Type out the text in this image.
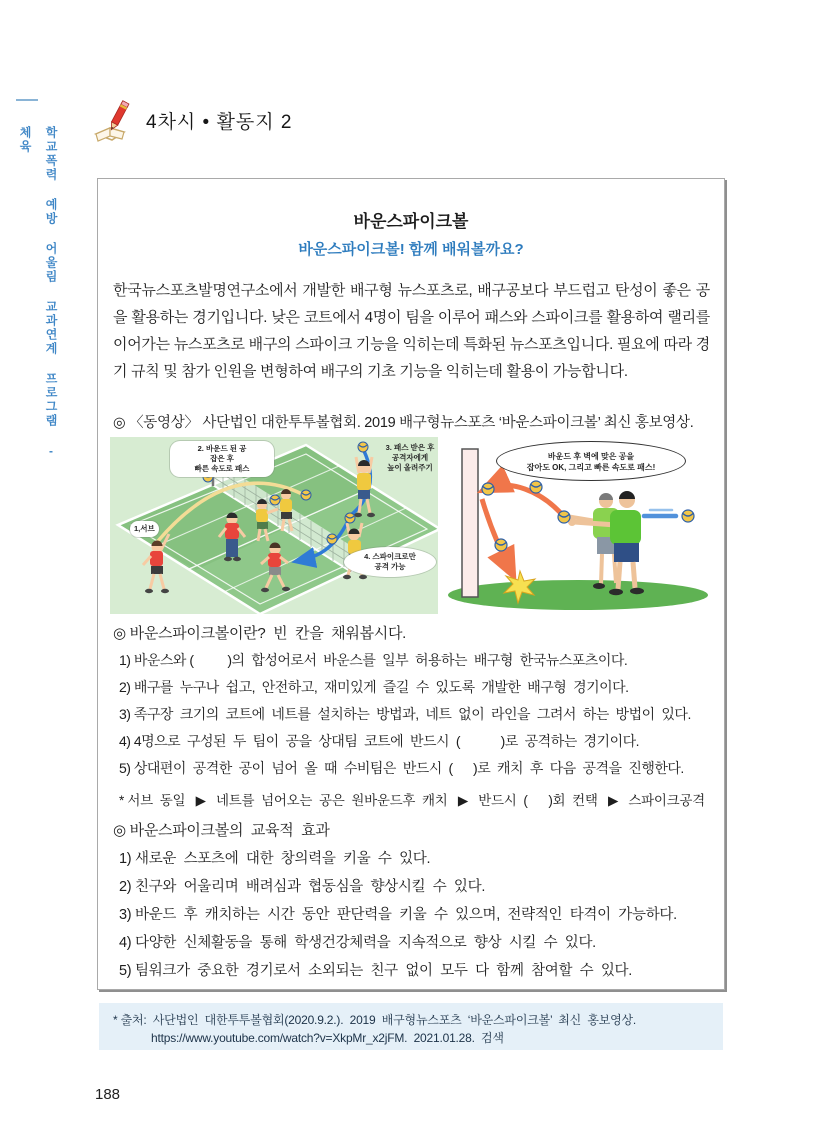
학교폭력 예방 어울림 교과연계 프로그램 - 체육
4차시 • 활동지 2
바운스파이크볼
바운스파이크볼! 함께 배워볼까요?

한국뉴스포츠발명연구소에서 개발한 배구형 뉴스포츠로, 배구공보다 부드럽고 탄성이 좋은 공을 활용하는 경기입니다. 낮은 코트에서 4명이 팀을 이루어 패스와 스파이크를 활용하여 랠리를 이어가는 뉴스포츠로 배구의 스파이크 기능을 익히는데 특화된 뉴스포츠입니다. 필요에 따라 경기 규칙 및 참가 인원을 변형하여 배구의 기초 기능을 익히는데 활용이 가능합니다.

◎ 〈동영상〉 사단법인 대한투투볼협회. 2019 배구형뉴스포츠 ‘바운스파이크볼’ 최신 홍보영상.
1,서브
2. 바운드 된 공
잡은 후
빠른 속도로 패스
3. 패스 받은 후
공격자에게
높이 올려주기
4. 스파이크로만
공격 가능
바운드 후 벽에 맞은 공을
잡아도 OK, 그리고 빠른 속도로 패스!
◎ 바운스파이크볼이란?  빈  칸을  채워봅시다.
1) 바운스와 (          )의  합성어로서  바운스를  일부  허용하는  배구형  한국뉴스포츠이다.
2) 배구를  누구나  쉽고,  안전하고,  재미있게  즐길  수  있도록  개발한  배구형  경기이다.
3) 족구장  크기의  코트에  네트를  설치하는  방법과,  네트  없이  라인을  그려서  하는  방법이  있다.
4) 4명으로  구성된  두  팀이  공을  상대팀  코트에  반드시  (            )로  공격하는  경기이다.
5) 상대편이  공격한  공이  넘어  올  때  수비팀은  반드시  (      )로  캐치  후  다음  공격을  진행한다.
* 서브  동일   ▶   네트를  넘어오는  공은  원바운드후  캐치   ▶   반드시  (      )회  컨택   ▶   스파이크공격
◎ 바운스파이크볼의  교육적  효과
1) 새로운  스포츠에  대한  창의력을  키울  수  있다.
2) 친구와  어울리며  배려심과  협동심을  향상시킬  수  있다.
3) 바운드  후  캐치하는  시간  동안  판단력을  키울  수  있으며,  전략적인  타격이  가능하다.
4) 다양한  신체활동을  통해  학생건강체력을  지속적으로  향상  시킬  수  있다.
5) 팀워크가  중요한  경기로서  소외되는  친구  없이  모두  다  함께  참여할  수  있다.
* 출처:  사단법인  대한투투볼협회(2020.9.2.).  2019  배구형뉴스포츠  ‘바운스파이크볼’  최신  홍보영상.
https://www.youtube.com/watch?v=XkpMr_x2jFM.  2021.01.28.  검색
188
